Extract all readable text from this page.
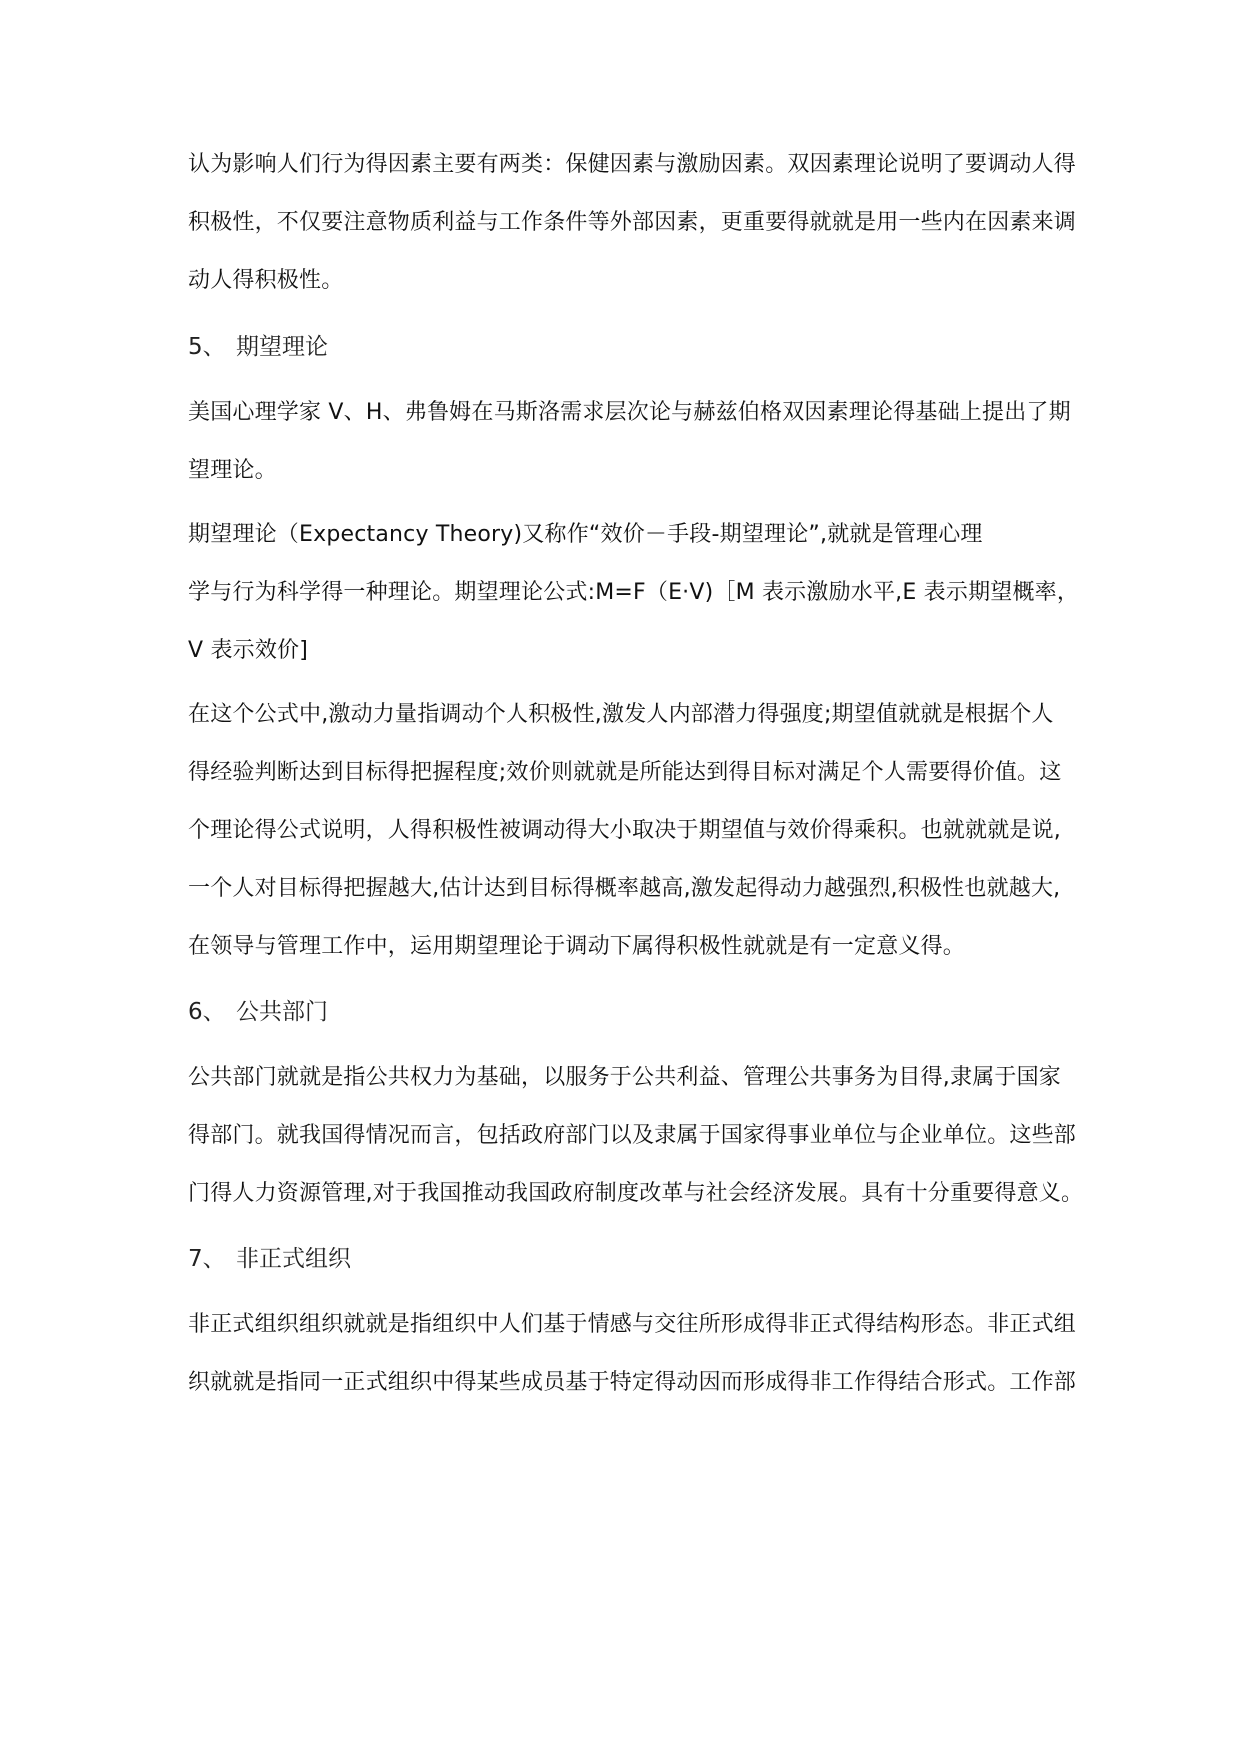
认为影响人们行为得因素主要有两类：保健因素与激励因素。双因素理论说明了要调动人得
积极性，不仅要注意物质利益与工作条件等外部因素，更重要得就就是用一些内在因素来调
动人得积极性。
5、 期望理论
美国心理学家 V、H、弗鲁姆在马斯洛需求层次论与赫兹伯格双因素理论得基础上提出了期
望理论。
期望理论（Expectancy Theory)又称作“效价－手段-期望理论”,就就是管理心理
学与行为科学得一种理论。期望理论公式:M=F（E·V)［M 表示激励水平,E 表示期望概率，
V 表示效价]
在这个公式中,激动力量指调动个人积极性,激发人内部潜力得强度;期望值就就是根据个人
得经验判断达到目标得把握程度;效价则就就是所能达到得目标对满足个人需要得价值。这
个理论得公式说明，人得积极性被调动得大小取决于期望值与效价得乘积。也就就就是说,
一个人对目标得把握越大,估计达到目标得概率越高,激发起得动力越强烈,积极性也就越大,
在领导与管理工作中，运用期望理论于调动下属得积极性就就是有一定意义得。
6、 公共部门
公共部门就就是指公共权力为基础，以服务于公共利益、管理公共事务为目得,隶属于国家
得部门。就我国得情况而言，包括政府部门以及隶属于国家得事业单位与企业单位。这些部
门得人力资源管理,对于我国推动我国政府制度改革与社会经济发展。具有十分重要得意义。
7、 非正式组织
非正式组织组织就就是指组织中人们基于情感与交往所形成得非正式得结构形态。非正式组
织就就是指同一正式组织中得某些成员基于特定得动因而形成得非工作得结合形式。工作部
